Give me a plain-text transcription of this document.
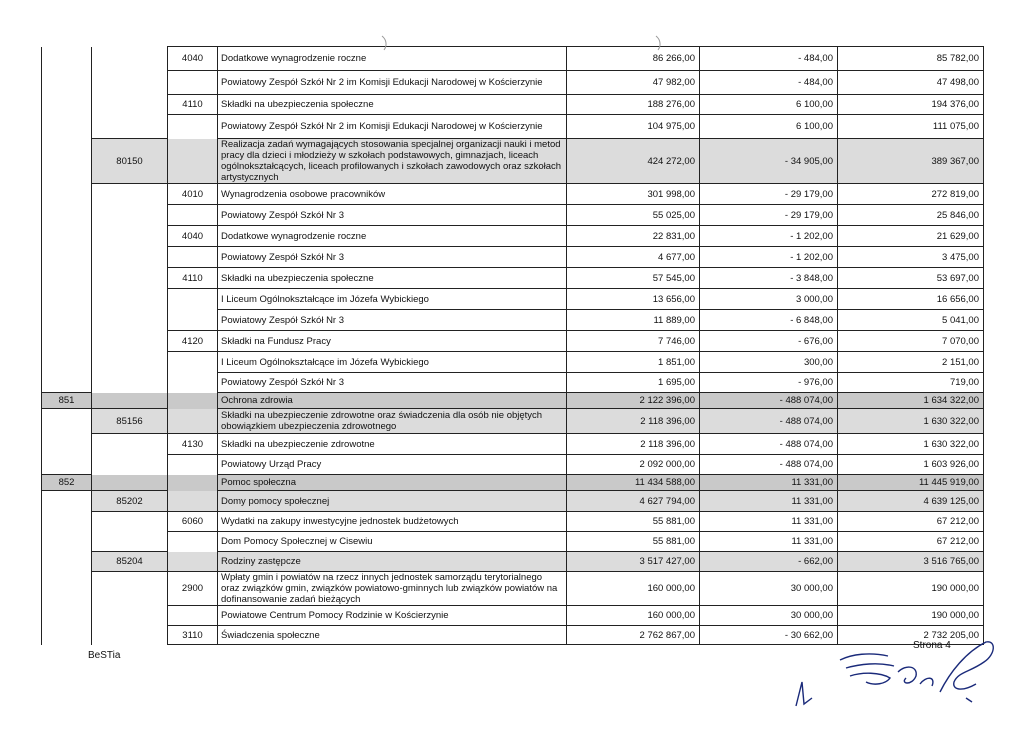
		4040	Dodatkowe wynagrodzenie roczne	86 266,00	- 484,00	85 782,00
			Powiatowy Zespół Szkół Nr 2 im Komisji Edukacji Narodowej w Kościerzynie	47 982,00	- 484,00	47 498,00
		4110	Składki na ubezpieczenia społeczne	188 276,00	6 100,00	194 376,00
			Powiatowy Zespół Szkół Nr 2 im Komisji Edukacji Narodowej w Kościerzynie	104 975,00	6 100,00	111 075,00
	80150		Realizacja zadań wymagających stosowania specjalnej organizacji nauki i metod pracy dla dzieci i młodzieży w szkołach podstawowych, gimnazjach, liceach ogólnokształcących, liceach profilowanych i szkołach zawodowych oraz szkołach artystycznych	424 272,00	- 34 905,00	389 367,00
		4010	Wynagrodzenia osobowe pracowników	301 998,00	- 29 179,00	272 819,00
			Powiatowy Zespół Szkół Nr 3	55 025,00	- 29 179,00	25 846,00
		4040	Dodatkowe wynagrodzenie roczne	22 831,00	- 1 202,00	21 629,00
			Powiatowy Zespół Szkół Nr 3	4 677,00	- 1 202,00	3 475,00
		4110	Składki na ubezpieczenia społeczne	57 545,00	- 3 848,00	53 697,00
			I Liceum Ogólnokształcące im Józefa Wybickiego	13 656,00	3 000,00	16 656,00
			Powiatowy Zespół Szkół Nr 3	11 889,00	- 6 848,00	5 041,00
		4120	Składki na Fundusz Pracy	7 746,00	- 676,00	7 070,00
			I Liceum Ogólnokształcące im Józefa Wybickiego	1 851,00	300,00	2 151,00
			Powiatowy Zespół Szkół Nr 3	1 695,00	- 976,00	719,00
851			Ochrona zdrowia	2 122 396,00	- 488 074,00	1 634 322,00
	85156		Składki na ubezpieczenie zdrowotne oraz świadczenia dla osób nie objętych obowiązkiem ubezpieczenia zdrowotnego	2 118 396,00	- 488 074,00	1 630 322,00
		4130	Składki na ubezpieczenie zdrowotne	2 118 396,00	- 488 074,00	1 630 322,00
			Powiatowy Urząd Pracy	2 092 000,00	- 488 074,00	1 603 926,00
852			Pomoc społeczna	11 434 588,00	11 331,00	11 445 919,00
	85202		Domy pomocy społecznej	4 627 794,00	11 331,00	4 639 125,00
		6060	Wydatki na zakupy inwestycyjne jednostek budżetowych	55 881,00	11 331,00	67 212,00
			Dom Pomocy Społecznej w Cisewiu	55 881,00	11 331,00	67 212,00
	85204		Rodziny zastępcze	3 517 427,00	- 662,00	3 516 765,00
		2900	Wpłaty gmin i powiatów na rzecz innych jednostek samorządu terytorialnego oraz związków gmin, związków powiatowo-gminnych lub związków powiatów na dofinansowanie zadań bieżących	160 000,00	30 000,00	190 000,00
			Powiatowe Centrum Pomocy Rodzinie w Kościerzynie	160 000,00	30 000,00	190 000,00
		3110	Świadczenia społeczne	2 762 867,00	- 30 662,00	2 732 205,00
BeSTia
Strona 4
